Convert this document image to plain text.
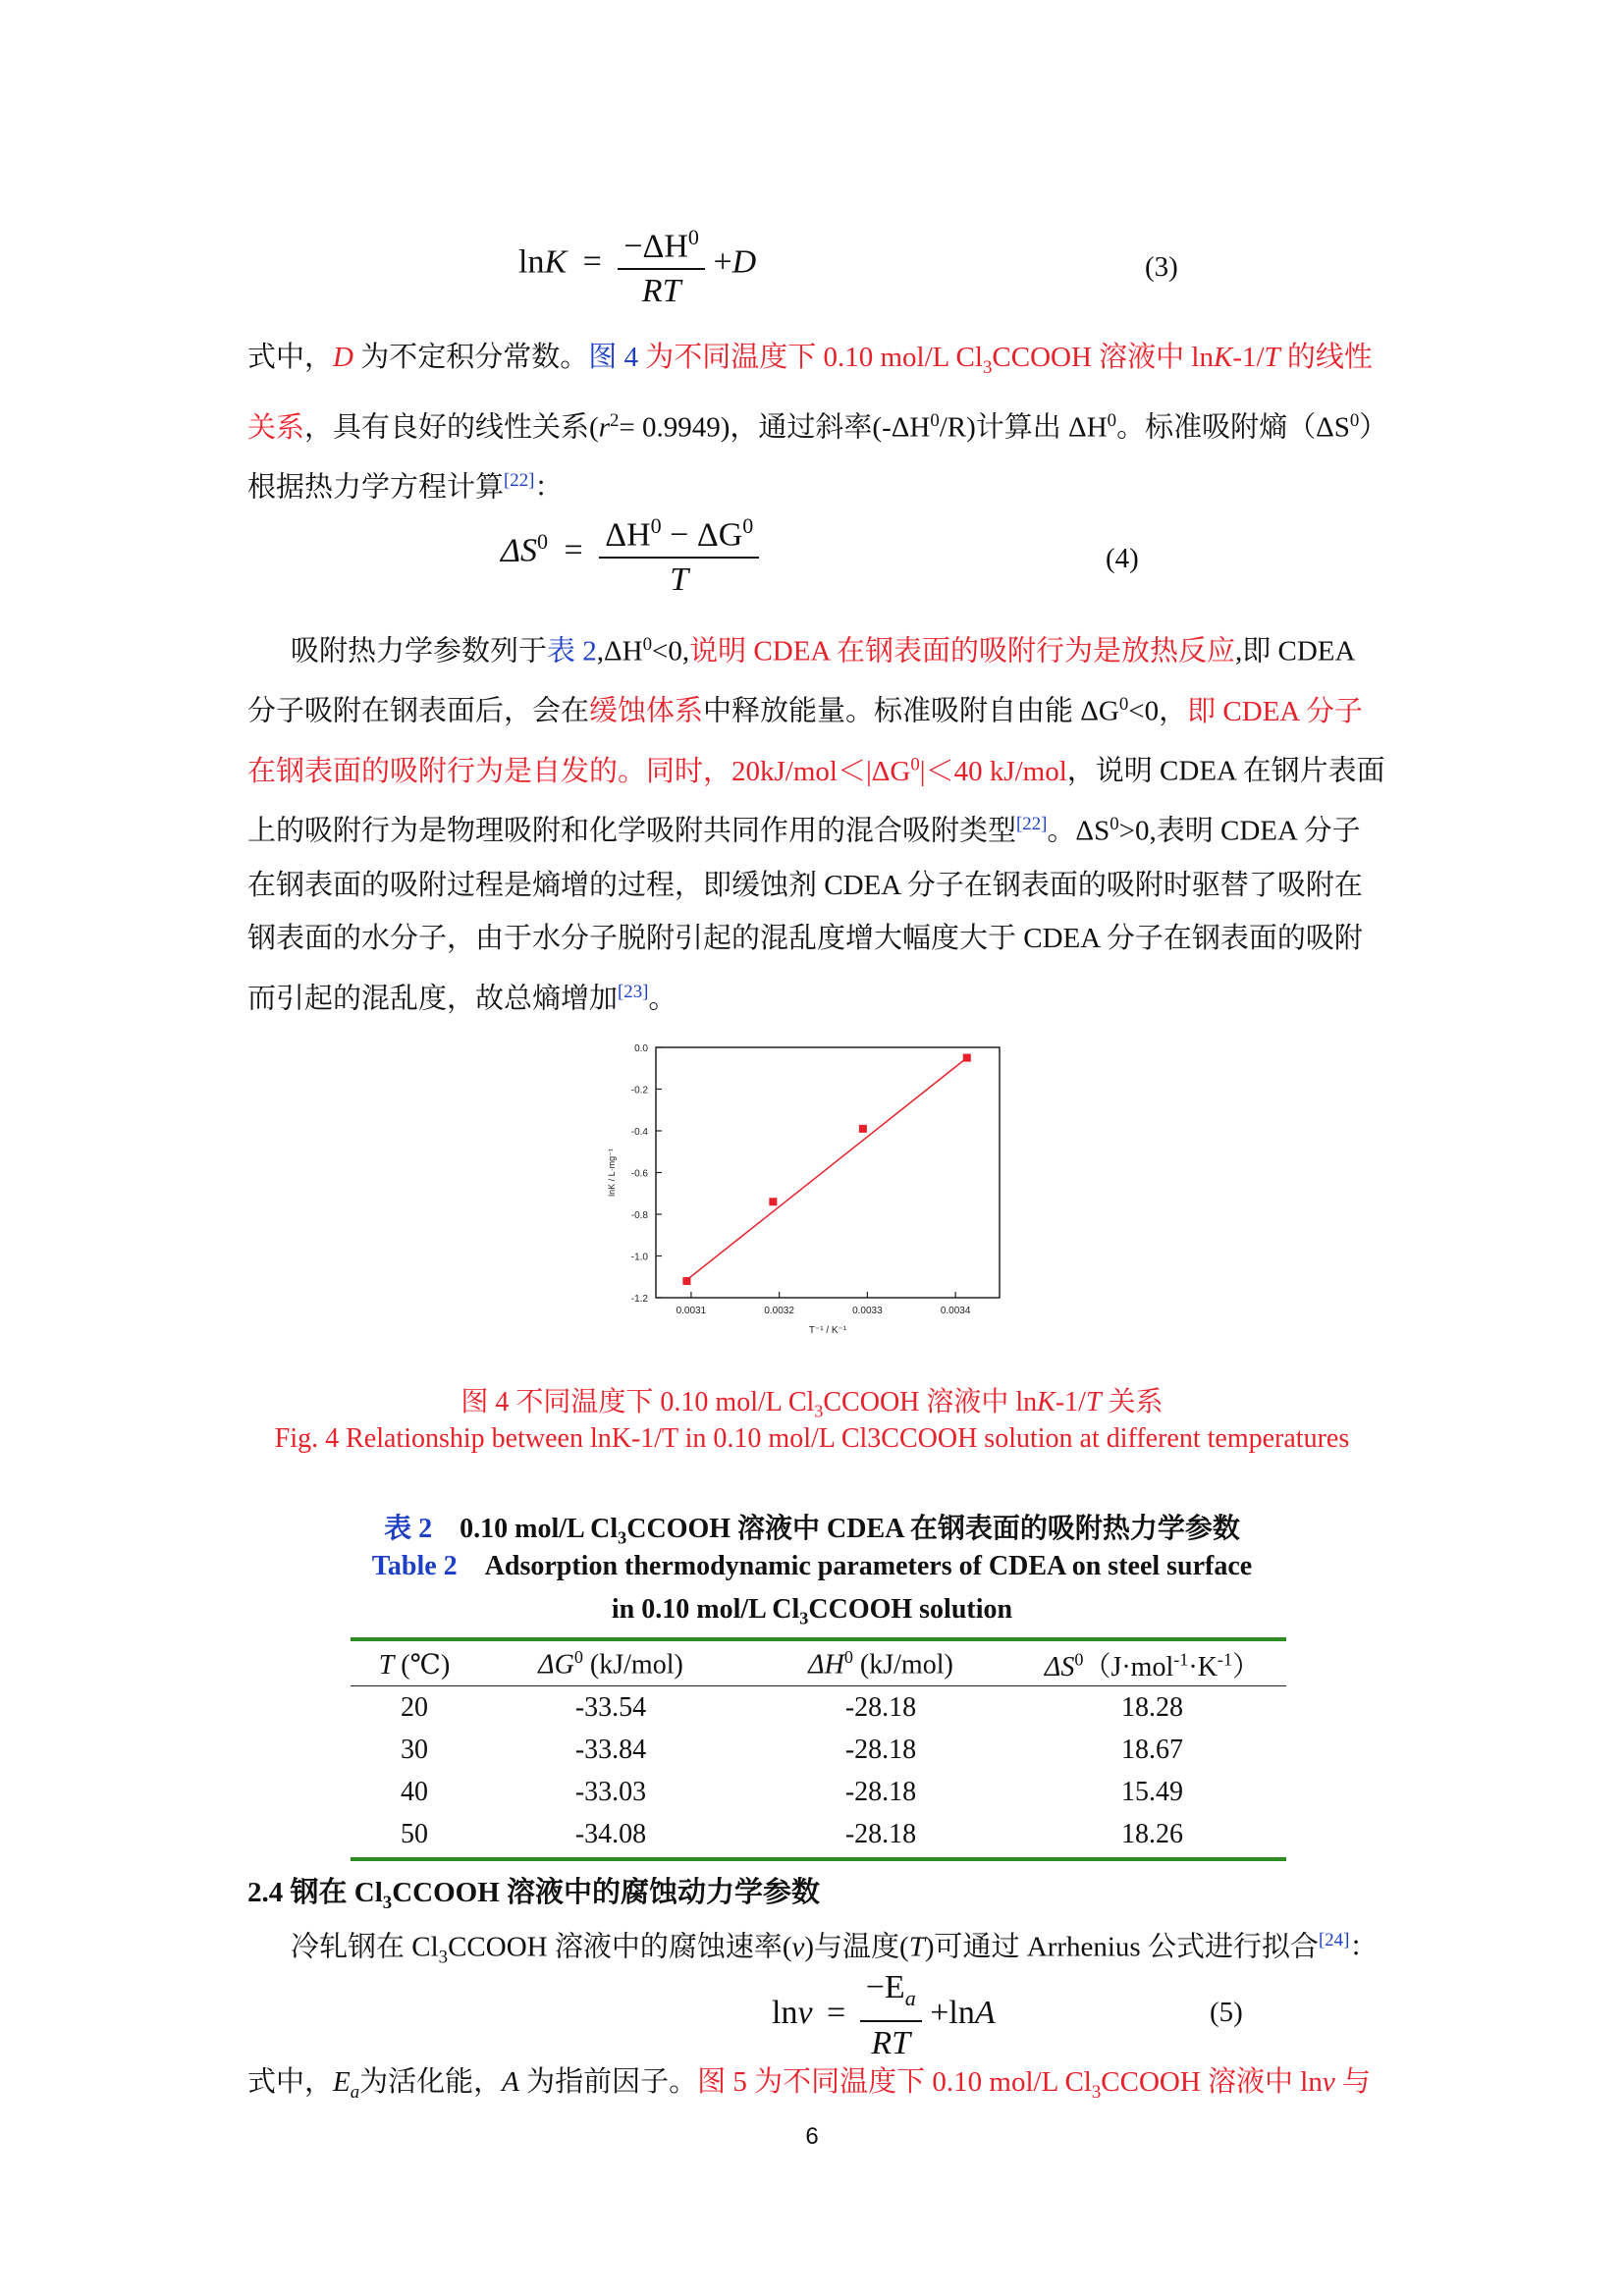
$\ln K = \frac{-\Delta H^0}{RT} +D$	(3)
式中，D 为不定积分常数。图 4 为不同温度下 0.10 mol/L $Cl_3CCOOH$ 溶液中 lnK-1/T 的线性关系，具有良好的线性关系$(r^2= 0.9949)$，通过斜率$(-\Delta H^0/R)$计算出 $\Delta H^0$。标准吸附熵$(\Delta S^0)$根据热力学方程计算[22]：
$\Delta S^0 = \frac{\Delta H^0 - \Delta G^0}{T}$	(4)
吸附热力学参数列于表 $2,\Delta H^0<0$,说明 CDEA 在钢表面的吸附行为是放热反应,即 CDEA 分子吸附在钢表面后，会在缓蚀体系中释放能量。标准吸附自由能 $\Delta G^0<0$，即 CDEA 分子在钢表面的吸附行为是自发的。同时，$20kJ/mol<|\Delta G^0|<40$ kJ/mol，说明 CDEA 在钢片表面上的吸附行为是物理吸附和化学吸附共同作用的混合吸附类型[22]。$\Delta S^0>0$,表明 CDEA 分子在钢表面的吸附过程是熵增的过程，即缓蚀剂 CDEA 分子在钢表面的吸附时驱替了吸附在钢表面的水分子，由于水分子脱附引起的混乱度增大幅度大于 CDEA 分子在钢表面的吸附而引起的混乱度，故总熵增加[23]。
0.0
-0.2
-0.4
-0.6
-0.8
-1.0
-1.2
0.0031	0.0032	0.0033	0.0034
T⁻¹ / K⁻¹
lnK / L·mg⁻¹
图 4 不同温度下 0.10 mol/L $Cl_3CCOOH$ 溶液中 lnK-1/T 关系
Fig. 4 Relationship between lnK-1/T in 0.10 mol/L Cl3CCOOH solution at different temperatures
表 2 0.10 mol/L $Cl_3CCOOH$ 溶液中 CDEA 在钢表面的吸附热力学参数
Table 2 Adsorption thermodynamic parameters of CDEA on steel surface
in 0.10 mol/L $Cl_3CCOOH$ solution
T (℃)	$\Delta G^0$ (kJ/mol)	$\Delta H^0$ (kJ/mol)	$\Delta S^0(J\cdot mol^{-1}\cdot K^{-1})$
20	-33.54	-28.18	18.28
30	-33.84	-28.18	18.67
40	-33.03	-28.18	15.49
50	-34.08	-28.18	18.26
2.4 钢在 $Cl_3CCOOH$ 溶液中的腐蚀动力学参数
冷轧钢在 $Cl_3CCOOH$ 溶液中的腐蚀速率(v)与温度(T)可通过 Arrhenius 公式进行拟合[24]：
$\ln v = \frac{-E_a}{RT} +\ln A$	(5)
式中，$E_a$为活化能，A 为指前因子。图 5 为不同温度下 0.10 mol/L $Cl_3CCOOH$ 溶液中 lnv 与
6
